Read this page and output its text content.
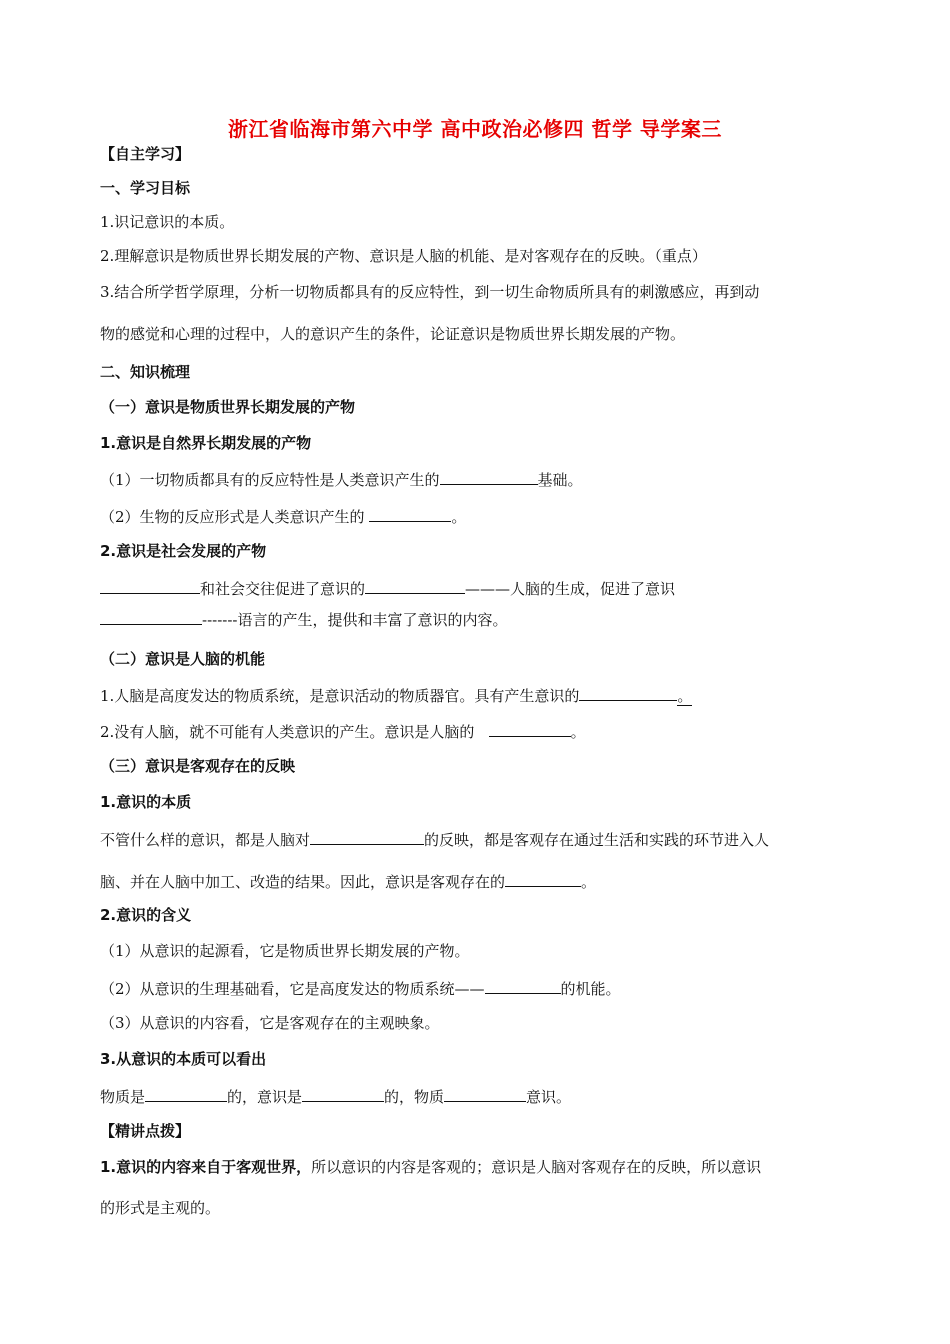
浙江省临海市第六中学 高中政治必修四 哲学 导学案三
【自主学习】
一、学习目标
1.识记意识的本质。
2.理解意识是物质世界长期发展的产物、意识是人脑的机能、是对客观存在的反映。（重点）
3.结合所学哲学原理，分析一切物质都具有的反应特性，到一切生命物质所具有的刺激感应，再到动
物的感觉和心理的过程中，人的意识产生的条件，论证意识是物质世界长期发展的产物。
二、知识梳理
（一）意识是物质世界长期发展的产物
1.意识是自然界长期发展的产物
（1）一切物质都具有的反应特性是人类意识产生的	基础。
（2）生物的反应形式是人类意识产生的	。
2.意识是社会发展的产物
和社会交往促进了意识的	———人脑的生成，促进了意识
-------语言的产生，提供和丰富了意识的内容。
（二）意识是人脑的机能
1.人脑是高度发达的物质系统，是意识活动的物质器官。具有产生意识的	。
2.没有人脑，就不可能有人类意识的产生。意识是人脑的	。
（三）意识是客观存在的反映
1.意识的本质
不管什么样的意识，都是人脑对	的反映，都是客观存在通过生活和实践的环节进入人
脑、并在人脑中加工、改造的结果。因此，意识是客观存在的	。
2.意识的含义
（1）从意识的起源看，它是物质世界长期发展的产物。
（2）从意识的生理基础看，它是高度发达的物质系统——	的机能。
（3）从意识的内容看，它是客观存在的主观映象。
3.从意识的本质可以看出
物质是	的，意识是	的，物质	意识。
【精讲点拨】
1.意识的内容来自于客观世界，所以意识的内容是客观的；意识是人脑对客观存在的反映，所以意识
的形式是主观的。
